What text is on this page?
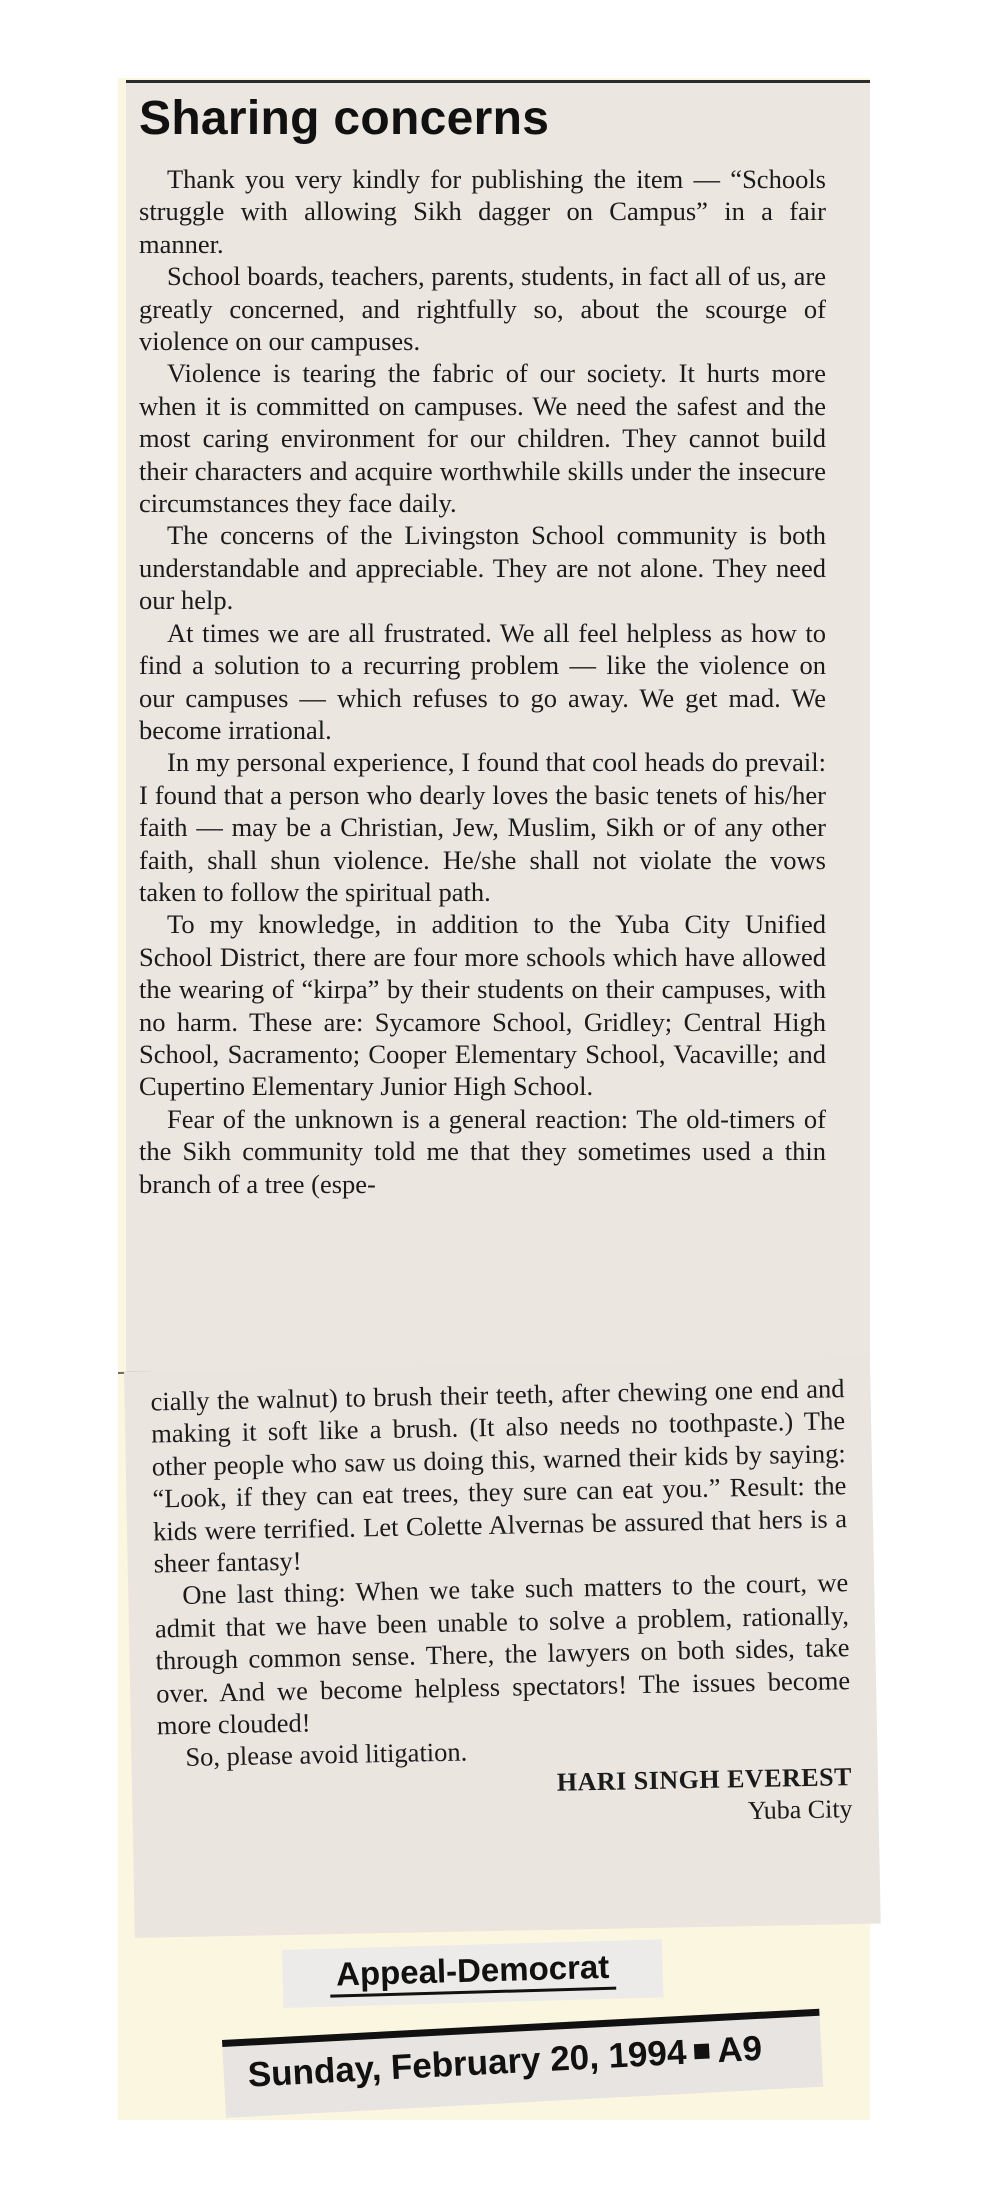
Sharing concerns

Thank you very kindly for publishing the item — “Schools struggle with allowing Sikh dagger on Campus” in a fair manner.

School boards, teachers, parents, students, in fact all of us, are greatly concerned, and rightfully so, about the scourge of violence on our campuses.

Violence is tearing the fabric of our society. It hurts more when it is committed on campuses. We need the safest and the most caring environment for our children. They cannot build their characters and acquire worthwhile skills under the insecure circumstances they face daily.

The concerns of the Livingston School community is both understandable and appreciable. They are not alone. They need our help.

At times we are all frustrated. We all feel helpless as how to find a solution to a recurring problem — like the violence on our campuses — which refuses to go away. We get mad. We become irrational.

In my personal experience, I found that cool heads do prevail: I found that a person who dearly loves the basic tenets of his/her faith — may be a Christian, Jew, Muslim, Sikh or of any other faith, shall shun violence. He/she shall not violate the vows taken to follow the spiritual path.

To my knowledge, in addition to the Yuba City Unified School District, there are four more schools which have allowed the wearing of “kirpa” by their students on their campuses, with no harm. These are: Sycamore School, Gridley; Central High School, Sacramento; Cooper Elementary School, Vacaville; and Cupertino Elementary Junior High School.

Fear of the unknown is a general reaction: The old-timers of the Sikh community told me that they sometimes used a thin branch of a tree (espe-

cially the walnut) to brush their teeth, after chewing one end and making it soft like a brush. (It also needs no toothpaste.) The other people who saw us doing this, warned their kids by saying: “Look, if they can eat trees, they sure can eat you.” Result: the kids were terrified. Let Colette Alvernas be assured that hers is a sheer fantasy!

One last thing: When we take such matters to the court, we admit that we have been unable to solve a problem, rationally, through common sense. There, the lawyers on both sides, take over. And we become helpless spectators! The issues become more clouded!

So, please avoid litigation.

HARI SINGH EVEREST

Yuba City

Appeal-Democrat
Sunday, February 20, 1994 A9
